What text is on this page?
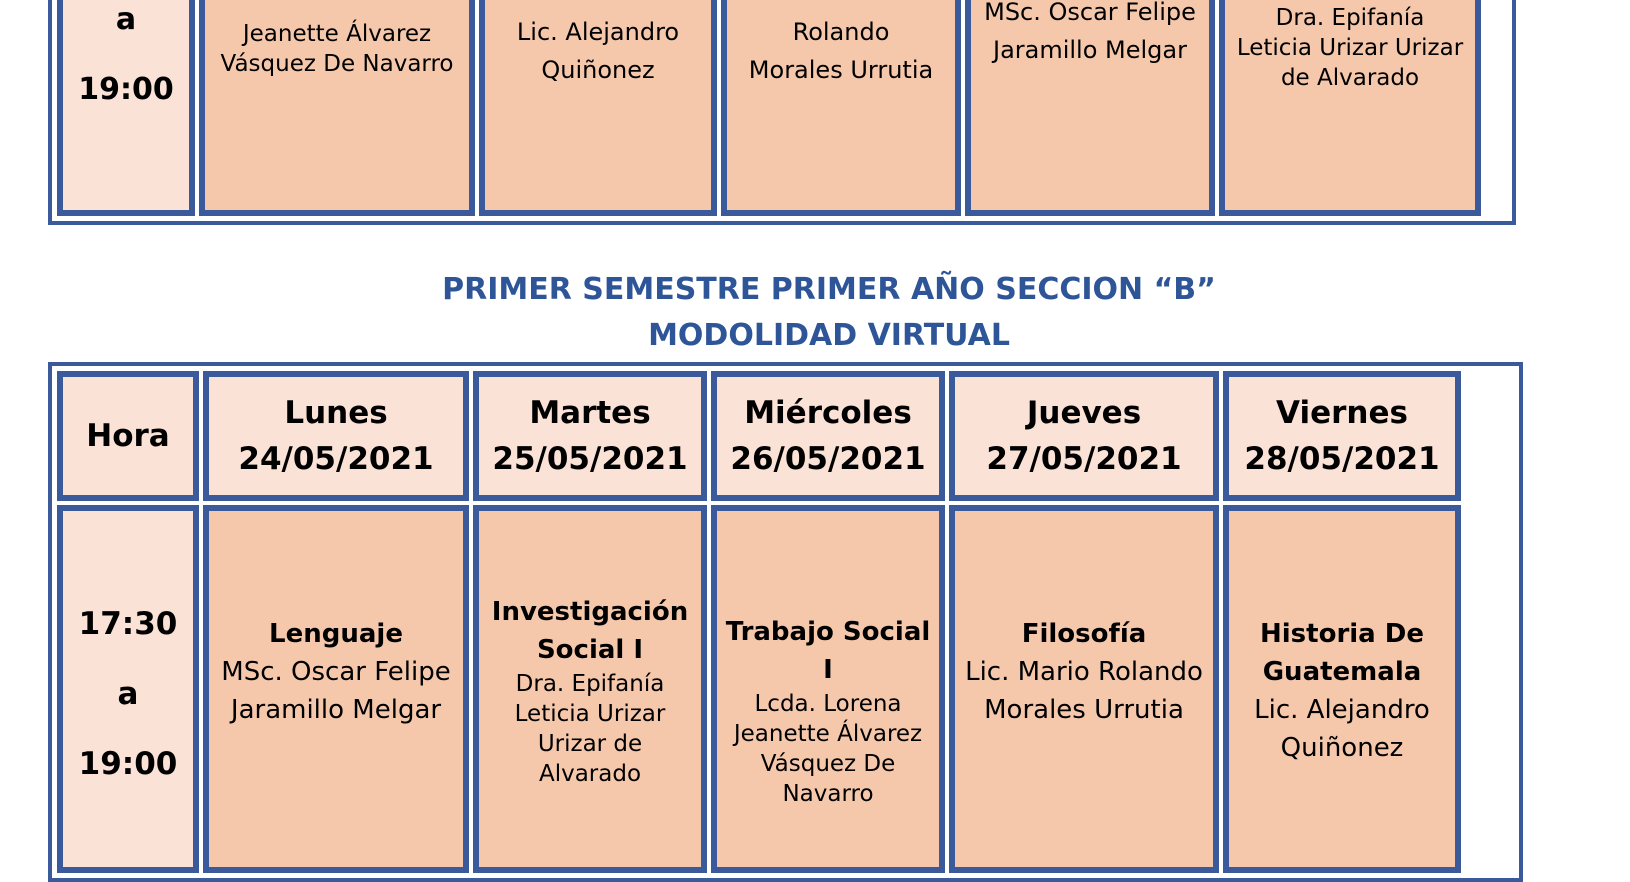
a
19:00
Jeanette Álvarez
Vásquez De Navarro
Lic. Alejandro
Quiñonez
Rolando
Morales Urrutia
MSc. Oscar Felipe
Jaramillo Melgar
Dra. Epifanía
Leticia Urizar Urizar
de Alvarado
PRIMER SEMESTRE PRIMER AÑO SECCION “B”
MODOLIDAD VIRTUAL
Hora
Lunes
24/05/2021
Martes
25/05/2021
Miércoles
26/05/2021
Jueves
27/05/2021
Viernes
28/05/2021
17:30
a
19:00
Lenguaje
MSc. Oscar Felipe
Jaramillo Melgar
Investigación
Social I
Dra. Epifanía
Leticia Urizar
Urizar de
Alvarado
Trabajo Social I
Lcda. Lorena
Jeanette Álvarez
Vásquez De
Navarro
Filosofía
Lic. Mario Rolando
Morales Urrutia
Historia De
Guatemala
Lic. Alejandro
Quiñonez
